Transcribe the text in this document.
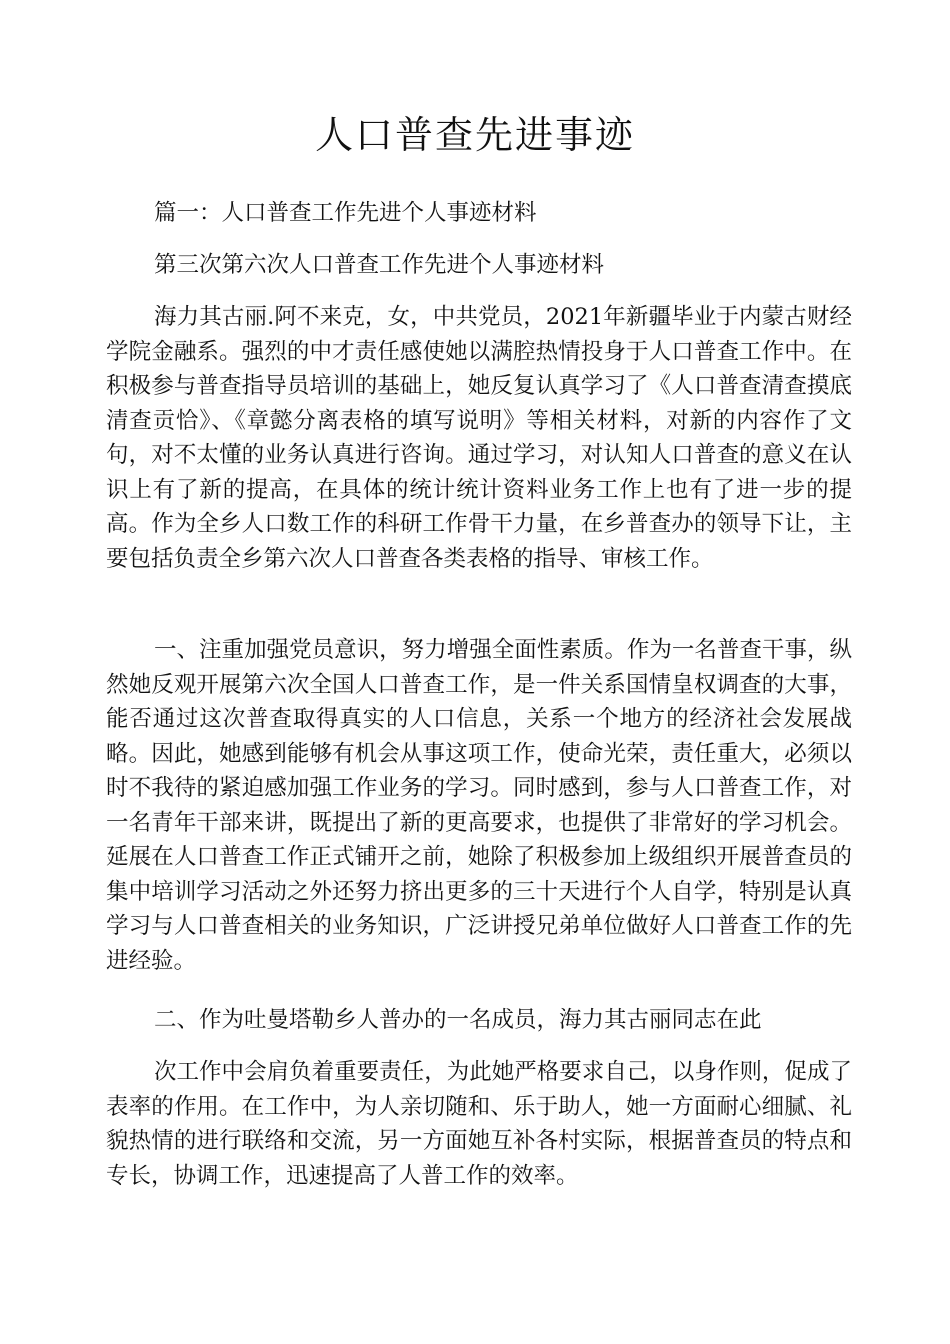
人口普查先进事迹

篇一：人口普查工作先进个人事迹材料

第三次第六次人口普查工作先进个人事迹材料

海力其古丽.阿不来克，女，中共党员，2021年新疆毕业于内蒙古财经学院金融系。强烈的中才责任感使她以满腔热情投身于人口普查工作中。在积极参与普查指导员培训的基础上，她反复认真学习了《人口普查清查摸底清查贡恰》、《章懿分离表格的填写说明》等相关材料，对新的内容作了文句，对不太懂的业务认真进行咨询。通过学习，对认知人口普查的意义在认识上有了新的提高，在具体的统计统计资料业务工作上也有了进一步的提高。作为全乡人口数工作的科研工作骨干力量，在乡普查办的领导下让，主要包括负责全乡第六次人口普查各类表格的指导、审核工作。

一、注重加强党员意识，努力增强全面性素质。作为一名普查干事，纵然她反观开展第六次全国人口普查工作，是一件关系国情皇权调查的大事，能否通过这次普查取得真实的人口信息，关系一个地方的经济社会发展战略。因此，她感到能够有机会从事这项工作，使命光荣，责任重大，必须以时不我待的紧迫感加强工作业务的学习。同时感到，参与人口普查工作，对一名青年干部来讲，既提出了新的更高要求，也提供了非常好的学习机会。延展在人口普查工作正式铺开之前，她除了积极参加上级组织开展普查员的集中培训学习活动之外还努力挤出更多的三十天进行个人自学，特别是认真学习与人口普查相关的业务知识，广泛讲授兄弟单位做好人口普查工作的先进经验。

二、作为吐曼塔勒乡人普办的一名成员，海力其古丽同志在此

次工作中会肩负着重要责任，为此她严格要求自己，以身作则，促成了表率的作用。在工作中，为人亲切随和、乐于助人，她一方面耐心细腻、礼貌热情的进行联络和交流，另一方面她互补各村实际，根据普查员的特点和专长，协调工作，迅速提高了人普工作的效率。
